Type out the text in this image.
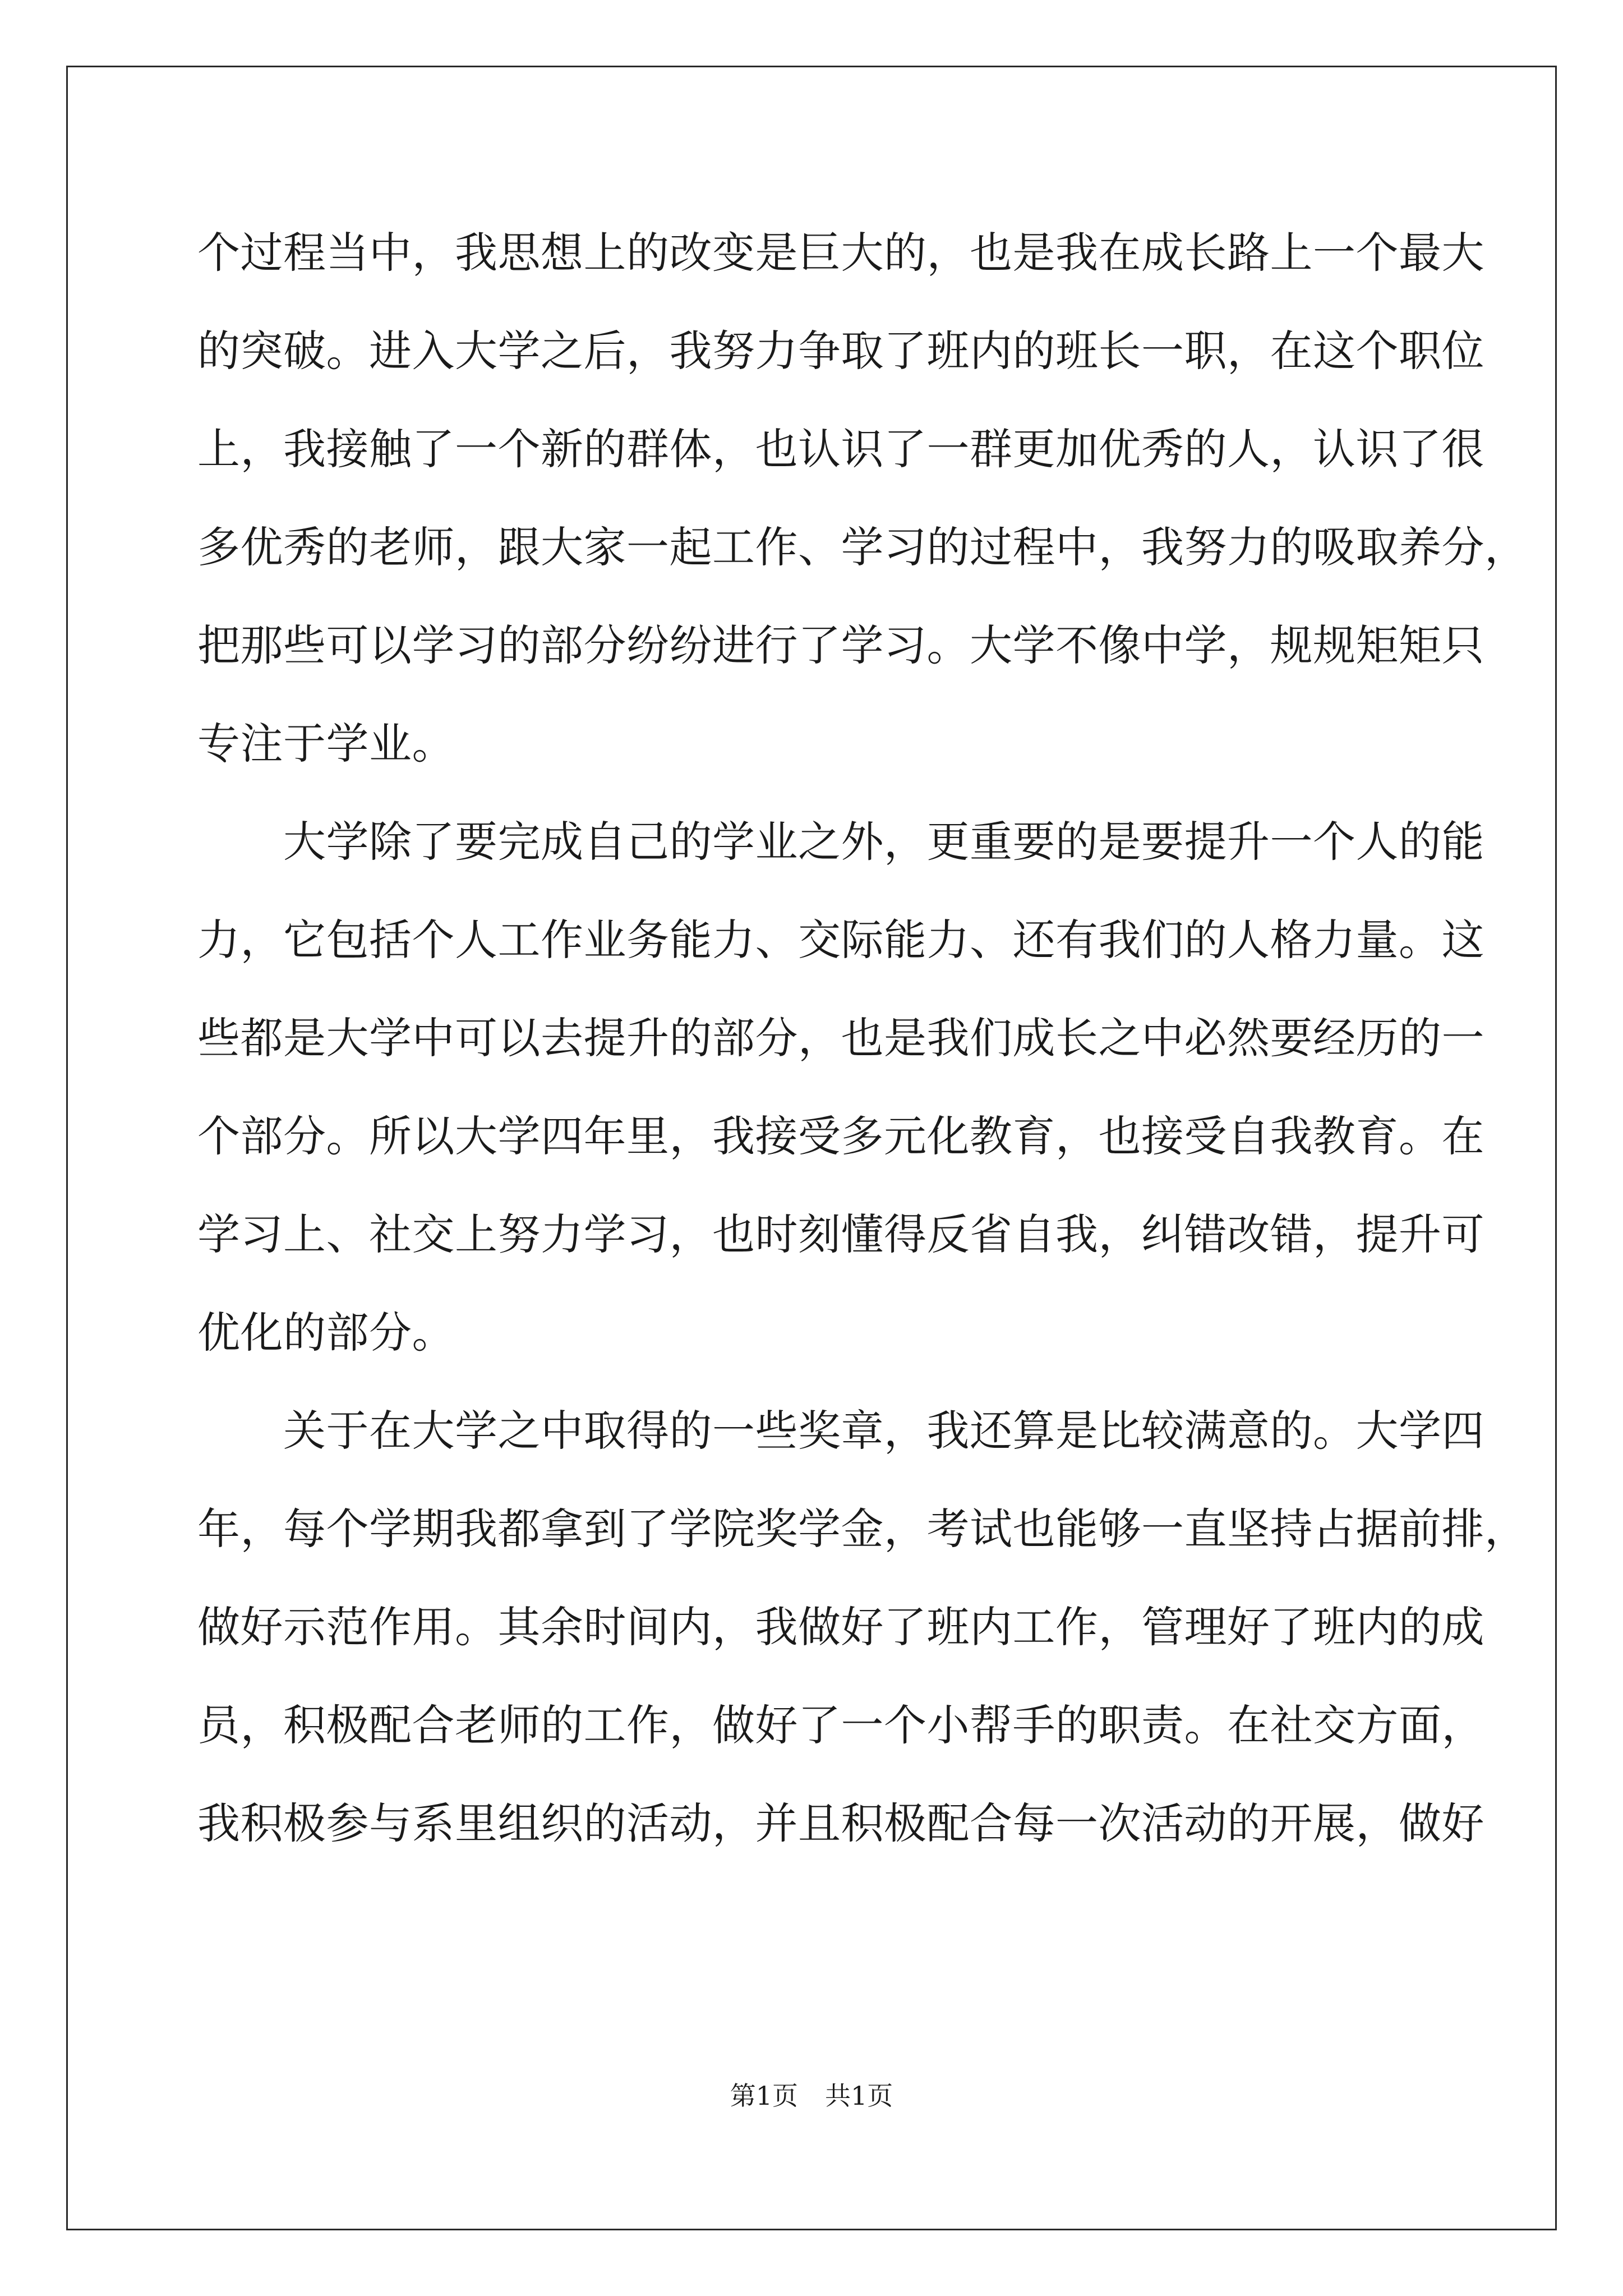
个过程当中，我思想上的改变是巨大的，也是我在成长路上一个最大
的突破。进入大学之后，我努力争取了班内的班长一职，在这个职位
上，我接触了一个新的群体，也认识了一群更加优秀的人，认识了很
多优秀的老师，跟大家一起工作、学习的过程中，我努力的吸取养分，
把那些可以学习的部分纷纷进行了学习。大学不像中学，规规矩矩只
专注于学业。
　　大学除了要完成自己的学业之外，更重要的是要提升一个人的能
力，它包括个人工作业务能力、交际能力、还有我们的人格力量。这
些都是大学中可以去提升的部分，也是我们成长之中必然要经历的一
个部分。所以大学四年里，我接受多元化教育，也接受自我教育。在
学习上、社交上努力学习，也时刻懂得反省自我，纠错改错，提升可
优化的部分。
　　关于在大学之中取得的一些奖章，我还算是比较满意的。大学四
年，每个学期我都拿到了学院奖学金，考试也能够一直坚持占据前排，
做好示范作用。其余时间内，我做好了班内工作，管理好了班内的成
员，积极配合老师的工作，做好了一个小帮手的职责。在社交方面，
我积极参与系里组织的活动，并且积极配合每一次活动的开展，做好
第1页 共1页
